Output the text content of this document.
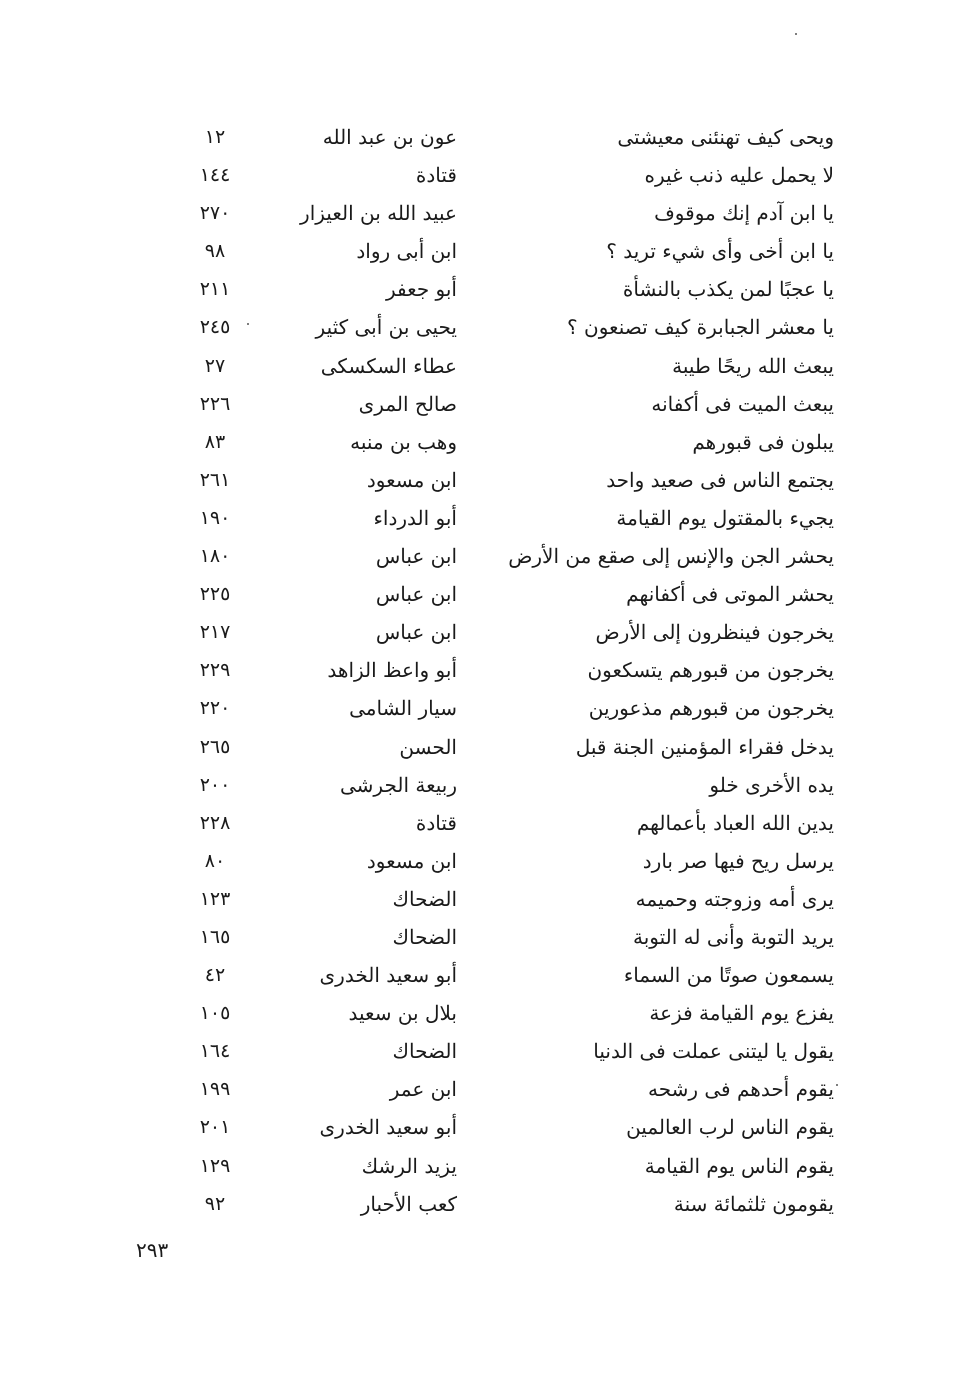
ويحى كيف تهنئنى معيشتى
عون بن عبد الله
١٢
لا يحمل عليه ذنب غيره
قتادة
١٤٤
يا ابن آدم إنك موقوف
عبيد الله بن العيزار
٢٧٠
يا ابن أخى وأى شيء تريد ؟
ابن أبى رواد
٩٨
يا عجبًا لمن يكذب بالنشأة
أبو جعفر
٢١١
يا معشر الجبابرة كيف تصنعون ؟
يحيى بن أبى كثير
٢٤٥
يبعث الله ريحًا طيبة
عطاء السكسكى
٢٧
يبعث الميت فى أكفانه
صالح المرى
٢٢٦
يبلون فى قبورهم
وهب بن منبه
٨٣
يجتمع الناس فى صعيد واحد
ابن مسعود
٢٦١
يجيء بالمقتول يوم القيامة
أبو الدرداء
١٩٠
يحشر الجن والإنس إلى صقع من الأرض
ابن عباس
١٨٠
يحشر الموتى فى أكفانهم
ابن عباس
٢٢٥
يخرجون فينظرون إلى الأرض
ابن عباس
٢١٧
يخرجون من قبورهم يتسكعون
أبو واعظ الزاهد
٢٢٩
يخرجون من قبورهم مذعورين
سيار الشامى
٢٢٠
يدخل فقراء المؤمنين الجنة قبل
الحسن
٢٦٥
يده الأخرى خلو
ربيعة الجرشى
٢٠٠
يدين الله العباد بأعمالهم
قتادة
٢٢٨
يرسل ريح فيها صر بارد
ابن مسعود
٨٠
يرى أمه وزوجته وحميمه
الضحاك
١٢٣
يريد التوبة وأنى له التوبة
الضحاك
١٦٥
يسمعون صوتًا من السماء
أبو سعيد الخدرى
٤٢
يفزع يوم القيامة فزعة
بلال بن سعيد
١٠٥
يقول يا ليتنى عملت فى الدنيا
الضحاك
١٦٤
يقوم أحدهم فى رشحه
ابن عمر
١٩٩
يقوم الناس لرب العالمين
أبو سعيد الخدرى
٢٠١
يقوم الناس يوم القيامة
يزيد الرشك
١٢٩
يقومون ثلثمائة سنة
كعب الأحبار
٩٢
٢٩٣
